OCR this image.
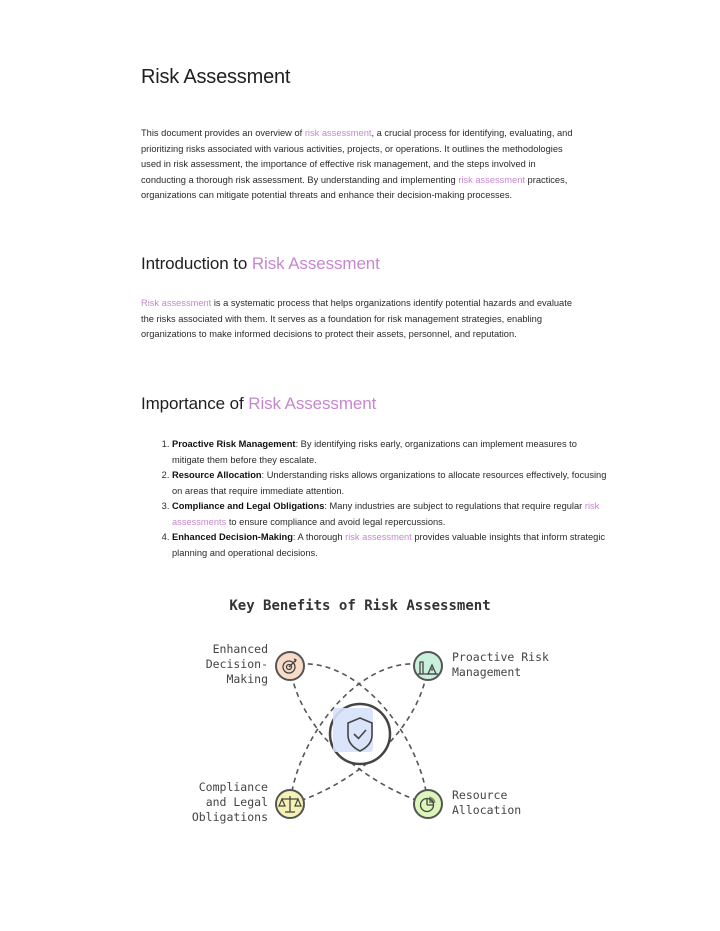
Risk Assessment

This document provides an overview of risk assessment, a crucial process for identifying, evaluating, and prioritizing risks associated with various activities, projects, or operations. It outlines the methodologies used in risk assessment, the importance of effective risk management, and the steps involved in conducting a thorough risk assessment. By understanding and implementing risk assessment practices, organizations can mitigate potential threats and enhance their decision-making processes.

Introduction to Risk Assessment

Risk assessment is a systematic process that helps organizations identify potential hazards and evaluate the risks associated with them. It serves as a foundation for risk management strategies, enabling organizations to make informed decisions to protect their assets, personnel, and reputation.

Importance of Risk Assessment
1. Proactive Risk Management: By identifying risks early, organizations can implement measures to mitigate them before they escalate.
2. Resource Allocation: Understanding risks allows organizations to allocate resources effectively, focusing on areas that require immediate attention.
3. Compliance and Legal Obligations: Many industries are subject to regulations that require regular risk assessments to ensure compliance and avoid legal repercussions.
4. Enhanced Decision-Making: A thorough risk assessment provides valuable insights that inform strategic planning and operational decisions.
Key Benefits of Risk Assessment
Enhanced
Decision-
Making
Proactive Risk
Management
Compliance
and Legal
Obligations
Resource
Allocation
